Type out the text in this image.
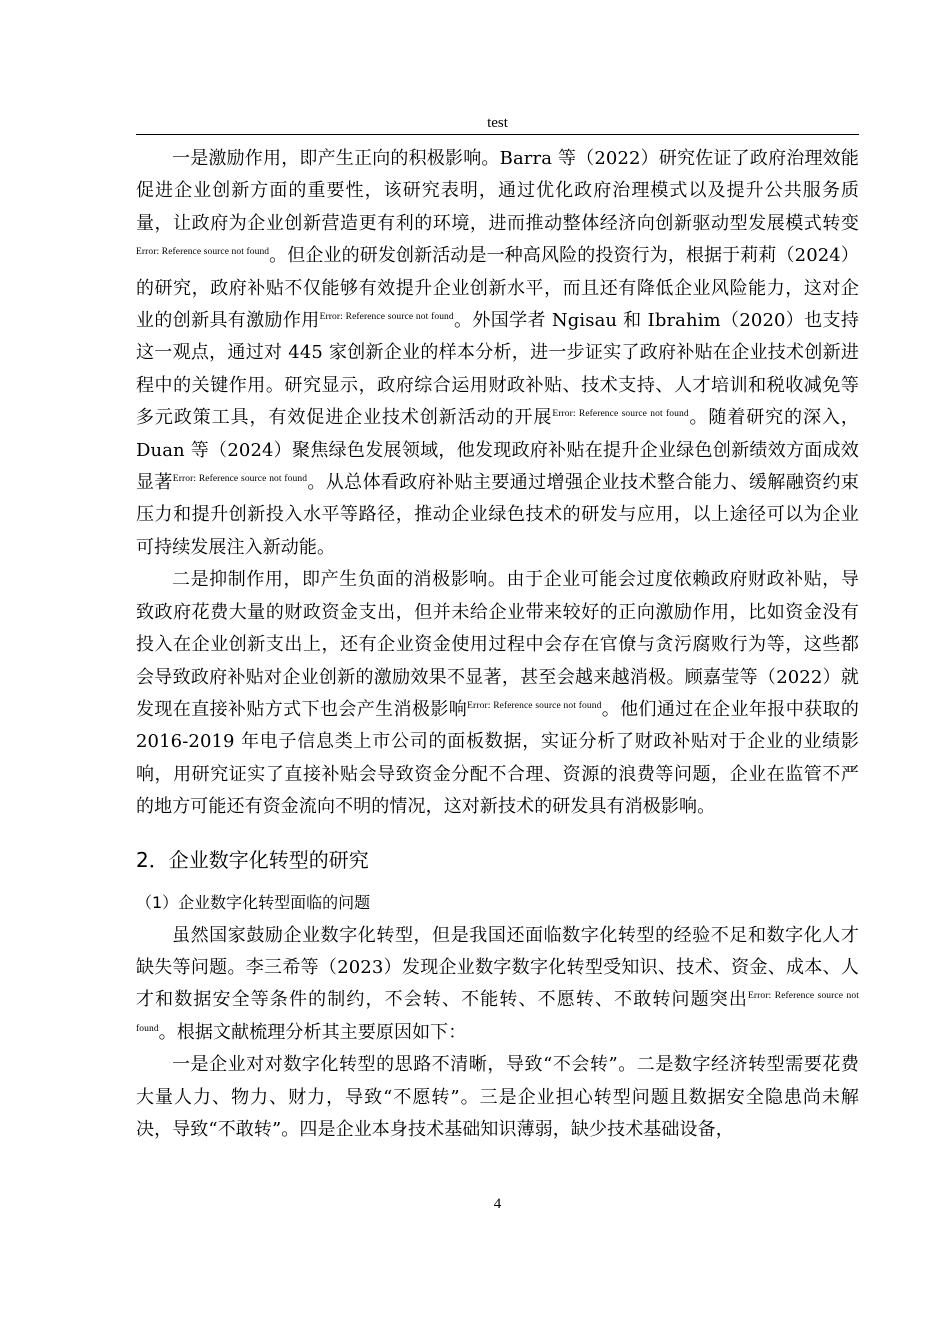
test

一是激励作用，即产生正向的积极影响。Barra 等（2022）研究佐证了政府治理效能促进企业创新方面的重要性，该研究表明，通过优化政府治理模式以及提升公共服务质量，让政府为企业创新营造更有利的环境，进而推动整体经济向创新驱动型发展模式转变$^{Error: Reference source not found}$。但企业的研发创新活动是一种高风险的投资行为，根据于莉莉（2024）的研究，政府补贴不仅能够有效提升企业创新水平，而且还有降低企业风险能力，这对企业的创新具有激励作用$^{Error: Reference source not found}$。外国学者 Ngisau 和 Ibrahim（2020）也支持这一观点，通过对 445 家创新企业的样本分析，进一步证实了政府补贴在企业技术创新进程中的关键作用。研究显示，政府综合运用财政补贴、技术支持、人才培训和税收减免等多元政策工具，有效促进企业技术创新活动的开展$^{Error: Reference source not found}$。随着研究的深入，Duan 等（2024）聚焦绿色发展领域，他发现政府补贴在提升企业绿色创新绩效方面成效显著$^{Error: Reference source not found}$。从总体看政府补贴主要通过增强企业技术整合能力、缓解融资约束压力和提升创新投入水平等路径，推动企业绿色技术的研发与应用，以上途径可以为企业可持续发展注入新动能。

二是抑制作用，即产生负面的消极影响。由于企业可能会过度依赖政府财政补贴，导致政府花费大量的财政资金支出，但并未给企业带来较好的正向激励作用，比如资金没有投入在企业创新支出上，还有企业资金使用过程中会存在官僚与贪污腐败行为等，这些都会导致政府补贴对企业创新的激励效果不显著，甚至会越来越消极。顾嘉莹等（2022）就发现在直接补贴方式下也会产生消极影响$^{Error: Reference source not found}$。他们通过在企业年报中获取的 2016-2019 年电子信息类上市公司的面板数据，实证分析了财政补贴对于企业的业绩影响，用研究证实了直接补贴会导致资金分配不合理、资源的浪费等问题，企业在监管不严的地方可能还有资金流向不明的情况，这对新技术的研发具有消极影响。

2．企业数字化转型的研究
（1）企业数字化转型面临的问题

虽然国家鼓励企业数字化转型，但是我国还面临数字化转型的经验不足和数字化人才缺失等问题。李三希等（2023）发现企业数字数字化转型受知识、技术、资金、成本、人才和数据安全等条件的制约，不会转、不能转、不愿转、不敢转问题突出$^{Error: Reference source not found}$。根据文献梳理分析其主要原因如下：

一是企业对对数字化转型的思路不清晰，导致“不会转”。二是数字经济转型需要花费大量人力、物力、财力，导致“不愿转”。三是企业担心转型问题且数据安全隐患尚未解决，导致“不敢转”。四是企业本身技术基础知识薄弱，缺少技术基础设备，

4
